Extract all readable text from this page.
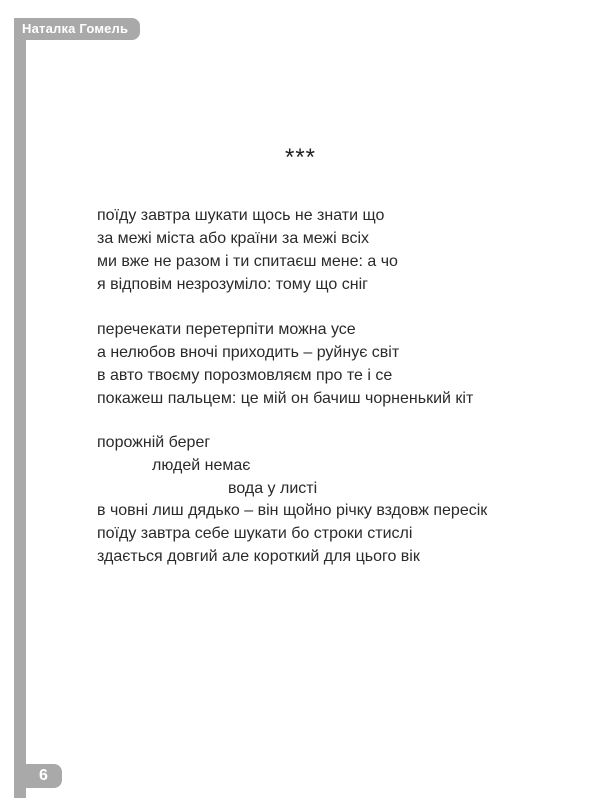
Наталка Гомель
6
***
поїду завтра шукати щось не знати що
за межі міста або країни за межі всіх
ми вже не разом і ти спитаєш мене: а чо
я відповім незрозуміло: тому що сніг
перечекати перетерпіти можна усе
а нелюбов вночі приходить – руйнує світ
в авто твоєму порозмовляєм про те і се
покажеш пальцем: це мій он бачиш чорненький кіт
порожній берег
людей немає
вода у листі
в човні лиш дядько – він щойно річку вздовж пересік
поїду завтра себе шукати бо строки стислі
здається довгий але короткий для цього вік
